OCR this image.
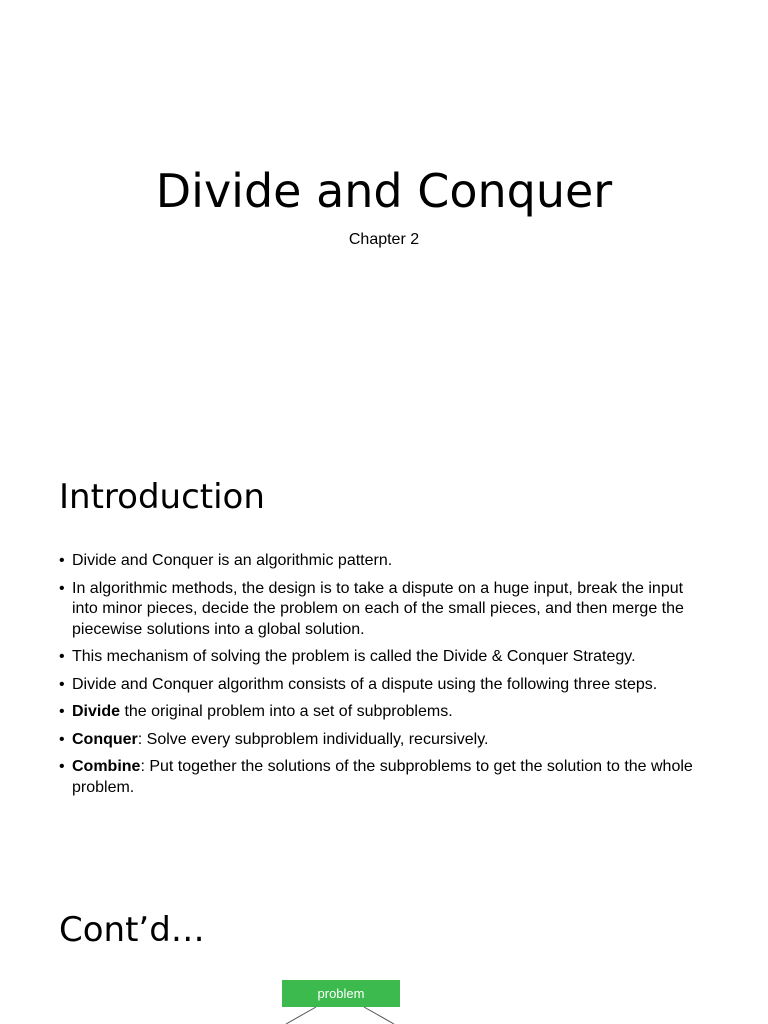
Divide and Conquer
Chapter 2
Introduction
• Divide and Conquer is an algorithmic pattern.
• In algorithmic methods, the design is to take a dispute on a huge input, break the input into minor pieces, decide the problem on each of the small pieces, and then merge the piecewise solutions into a global solution.
• This mechanism of solving the problem is called the Divide & Conquer Strategy.
• Divide and Conquer algorithm consists of a dispute using the following three steps.
• Divide the original problem into a set of subproblems.
• Conquer: Solve every subproblem individually, recursively.
• Combine: Put together the solutions of the subproblems to get the solution to the whole problem.
Cont’d…
problem
